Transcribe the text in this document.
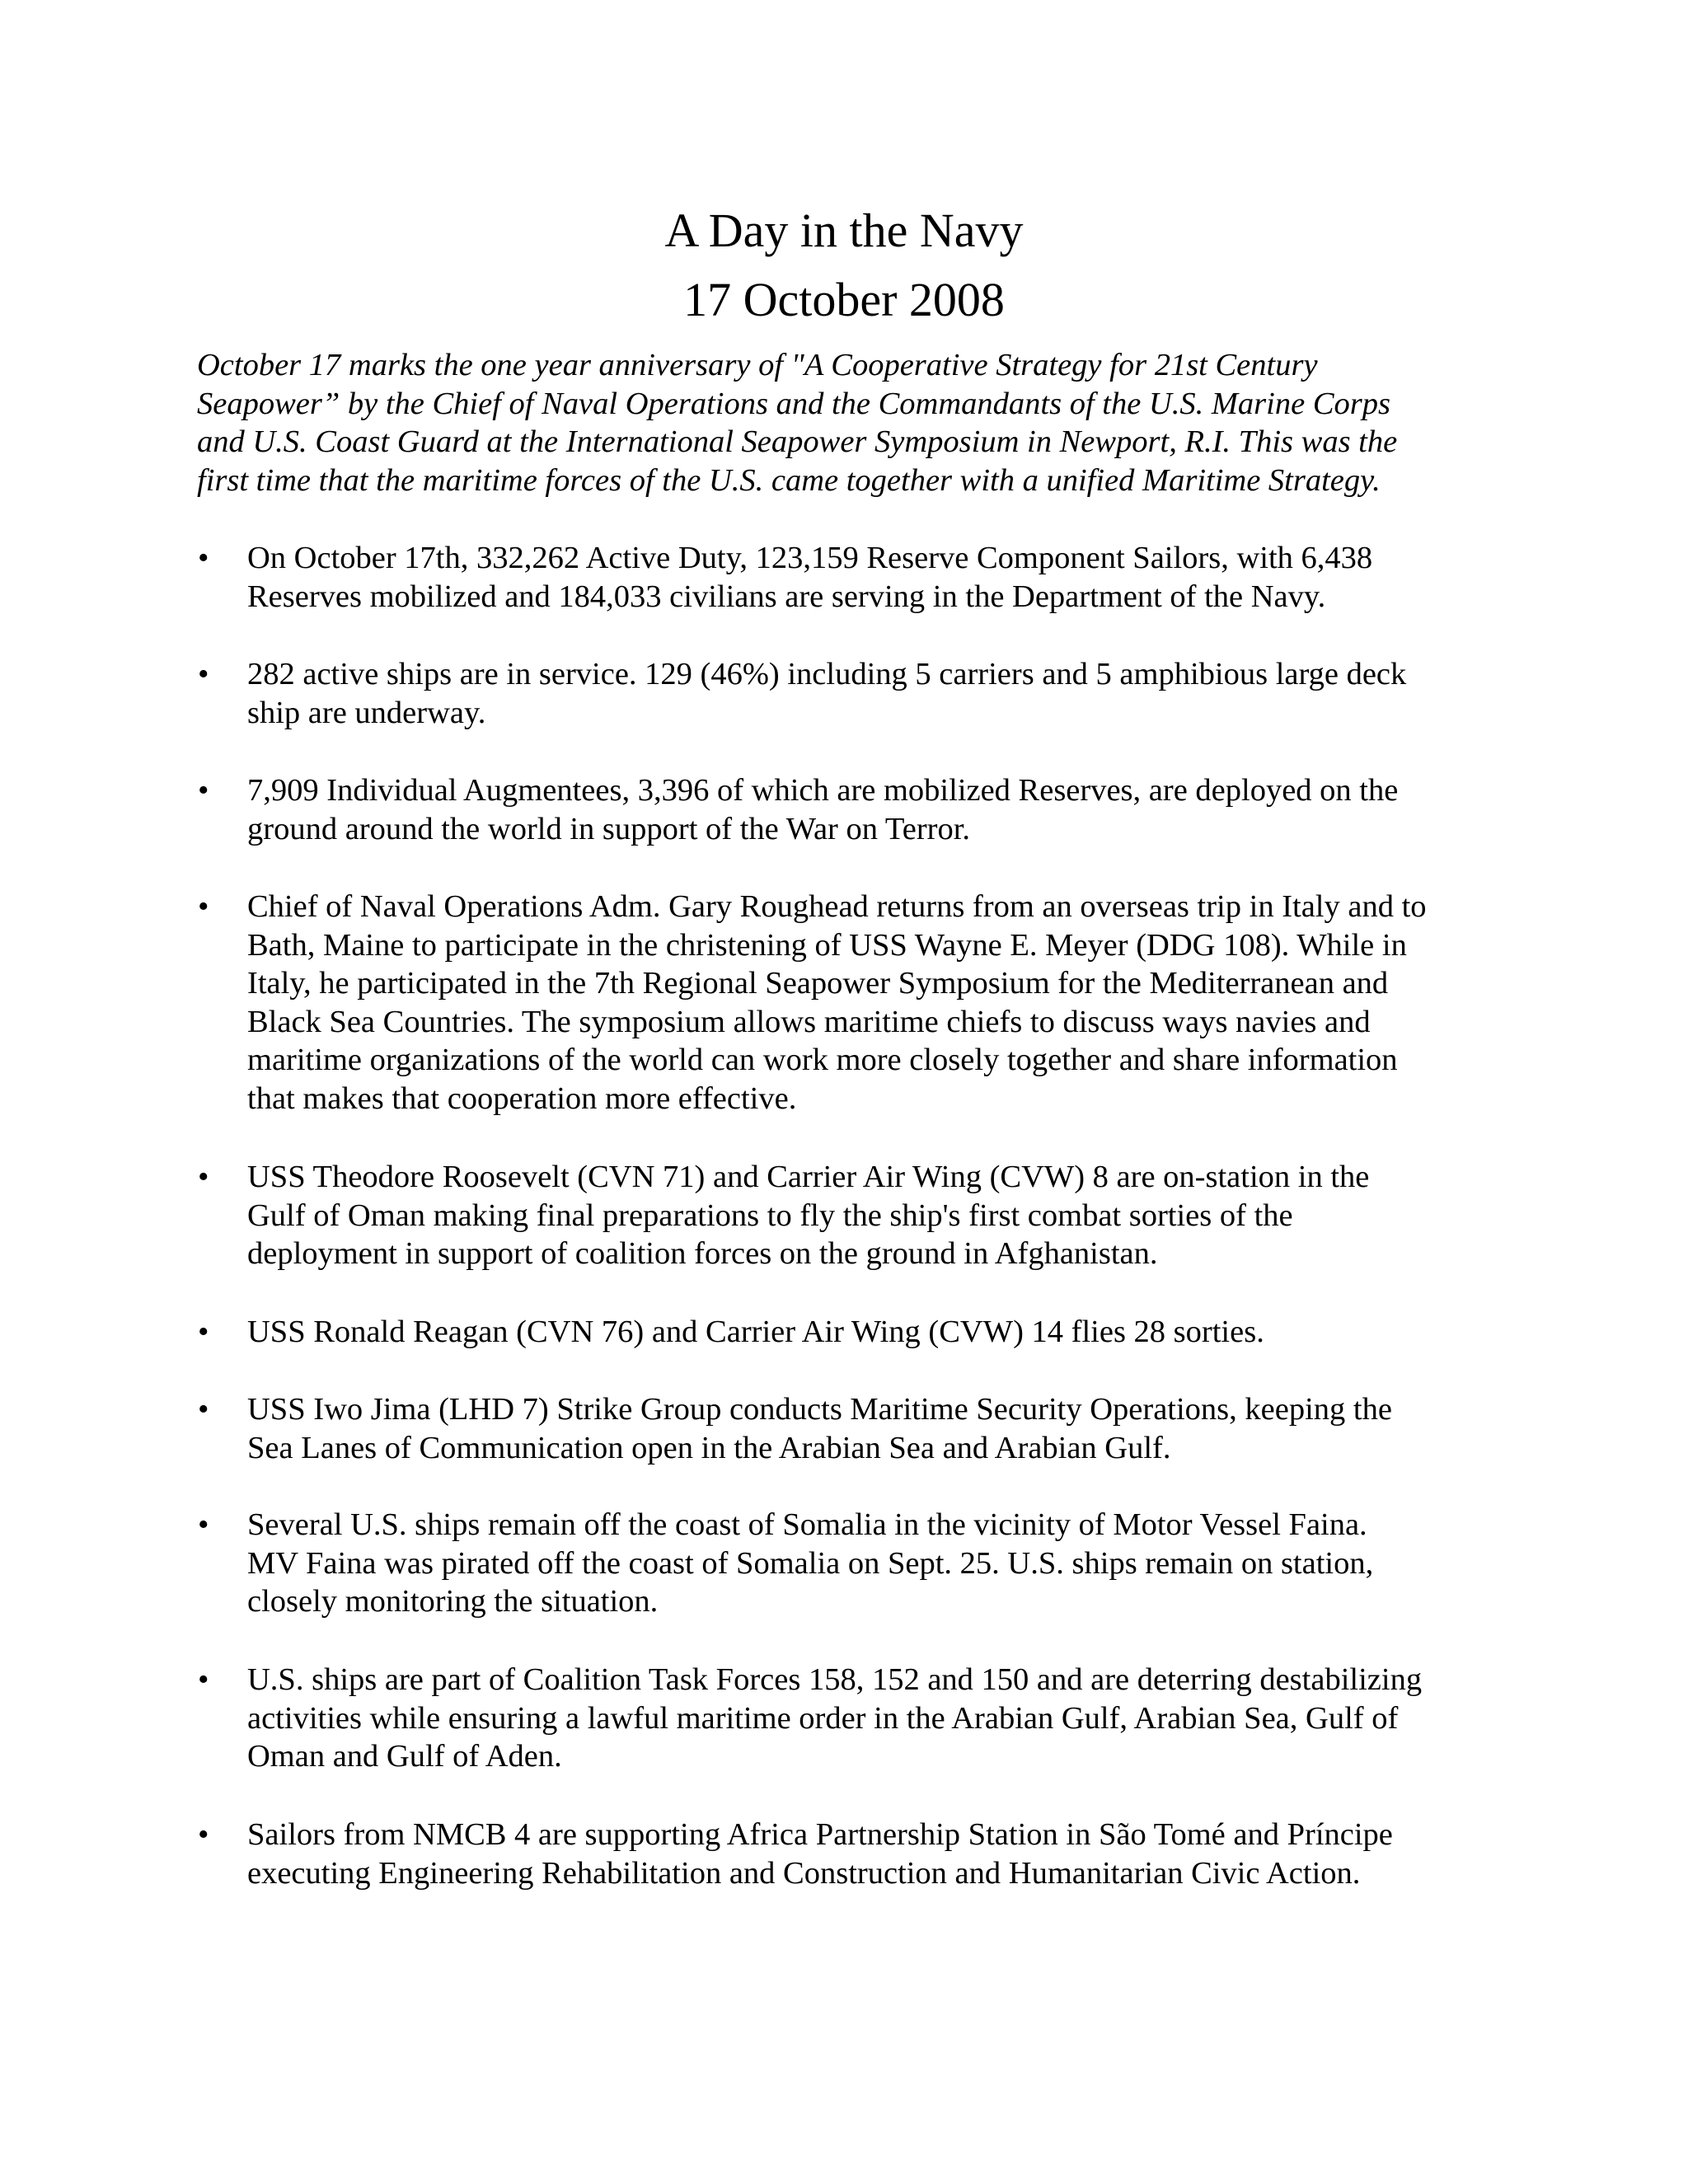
A Day in the Navy
17 October 2008

October 17 marks the one year anniversary of "A Cooperative Strategy for 21st Century
Seapower” by the Chief of Naval Operations and the Commandants of the U.S. Marine Corps
and U.S. Coast Guard at the International Seapower Symposium in Newport, R.I. This was the
first time that the maritime forces of the U.S. came together with a unified Maritime Strategy.

• On October 17th, 332,262 Active Duty, 123,159 Reserve Component Sailors, with 6,438
Reserves mobilized and 184,033 civilians are serving in the Department of the Navy.
• 282 active ships are in service. 129 (46%) including 5 carriers and 5 amphibious large deck
ship are underway.
• 7,909 Individual Augmentees, 3,396 of which are mobilized Reserves, are deployed on the
ground around the world in support of the War on Terror.
• Chief of Naval Operations Adm. Gary Roughead returns from an overseas trip in Italy and to
Bath, Maine to participate in the christening of USS Wayne E. Meyer (DDG 108). While in
Italy, he participated in the 7th Regional Seapower Symposium for the Mediterranean and
Black Sea Countries. The symposium allows maritime chiefs to discuss ways navies and
maritime organizations of the world can work more closely together and share information
that makes that cooperation more effective.
• USS Theodore Roosevelt (CVN 71) and Carrier Air Wing (CVW) 8 are on-station in the
Gulf of Oman making final preparations to fly the ship's first combat sorties of the
deployment in support of coalition forces on the ground in Afghanistan.
• USS Ronald Reagan (CVN 76) and Carrier Air Wing (CVW) 14 flies 28 sorties.
• USS Iwo Jima (LHD 7) Strike Group conducts Maritime Security Operations, keeping the
Sea Lanes of Communication open in the Arabian Sea and Arabian Gulf.
• Several U.S. ships remain off the coast of Somalia in the vicinity of Motor Vessel Faina.
MV Faina was pirated off the coast of Somalia on Sept. 25. U.S. ships remain on station,
closely monitoring the situation.
• U.S. ships are part of Coalition Task Forces 158, 152 and 150 and are deterring destabilizing
activities while ensuring a lawful maritime order in the Arabian Gulf, Arabian Sea, Gulf of
Oman and Gulf of Aden.
• Sailors from NMCB 4 are supporting Africa Partnership Station in São Tomé and Príncipe
executing Engineering Rehabilitation and Construction and Humanitarian Civic Action.
